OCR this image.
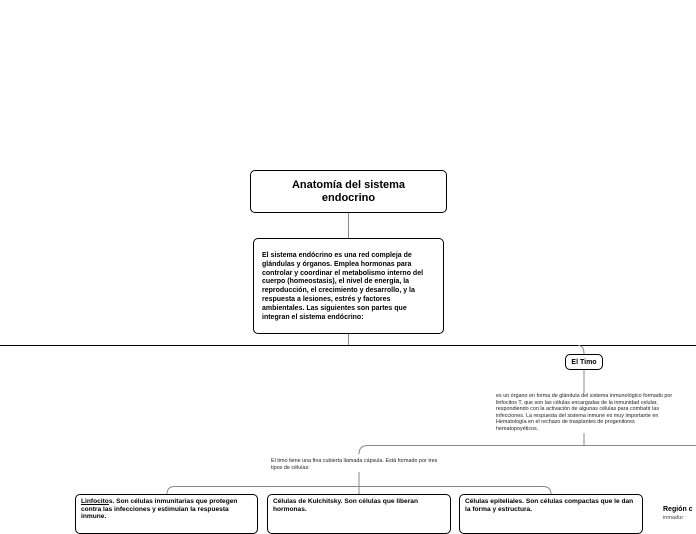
Anatomía del sistema endocrino
El sistema endócrino es una red compleja de glándulas y órganos. Emplea hormonas para controlar y coordinar el metabolismo interno del cuerpo (homeostasis), el nivel de energía, la reproducción, el crecimiento y desarrollo, y la respuesta a lesiones, estrés y factores ambientales. Las siguientes son partes que integran el sistema endócrino:
El Timo
es un órgano en forma de glándula del sistema inmunológico formado por linfocitos T, que son las células encargadas de la inmunidad celular, respondiendo con la activación de algunas células para combatir las infecciones. La respuesta del sistema inmune es muy importante en Hematología en el rechazo de trasplantes de progenitores hematopoyéticos.
El timo tiene una fina cubierta llamada cápsula. Está formado por tres tipos de células:
Linfocitos. Son células inmunitarias que protegen contra las infecciones y estimulan la respuesta inmune.
Células de Kulchitsky. Son células que liberan hormonas.
Células epiteliales. Son células compactas que le dan la forma y estructura.	Región c
inmadur
